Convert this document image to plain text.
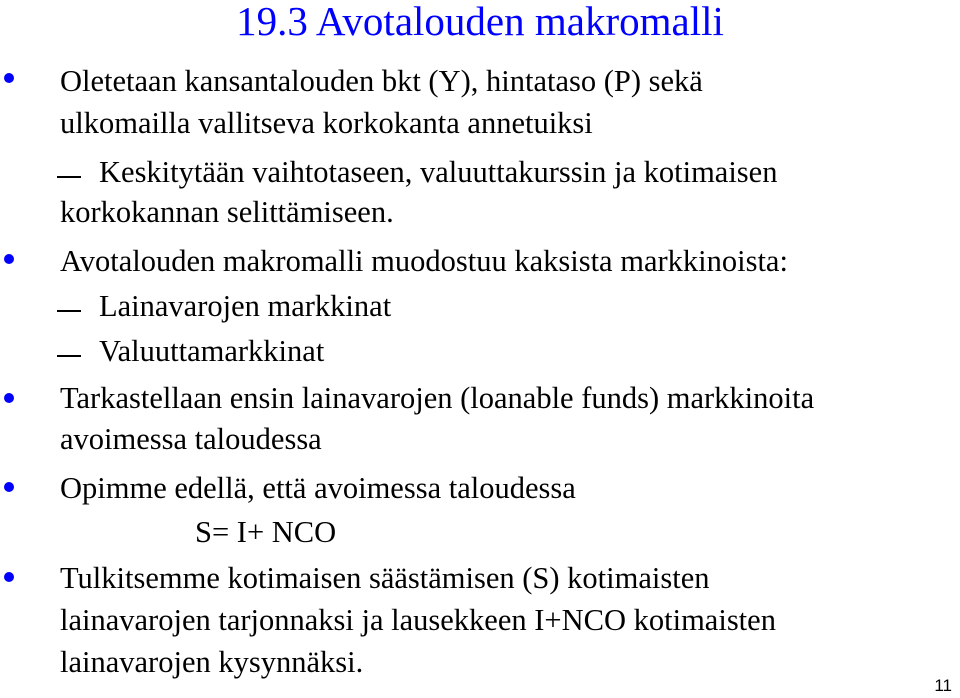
19.3 Avotalouden makromalli
Oletetaan kansantalouden bkt (Y), hintataso (P) sekä
ulkomailla vallitseva korkokanta annetuiksi
Keskitytään vaihtotaseen, valuuttakurssin ja kotimaisen
korkokannan selittämiseen.
Avotalouden makromalli muodostuu kaksista markkinoista:
Lainavarojen markkinat
Valuuttamarkkinat
Tarkastellaan ensin lainavarojen (loanable funds) markkinoita
avoimessa taloudessa
Opimme edellä, että avoimessa taloudessa
S= I+ NCO
Tulkitsemme kotimaisen säästämisen (S) kotimaisten
lainavarojen tarjonnaksi ja lausekkeen I+NCO kotimaisten
lainavarojen kysynnäksi.
11
